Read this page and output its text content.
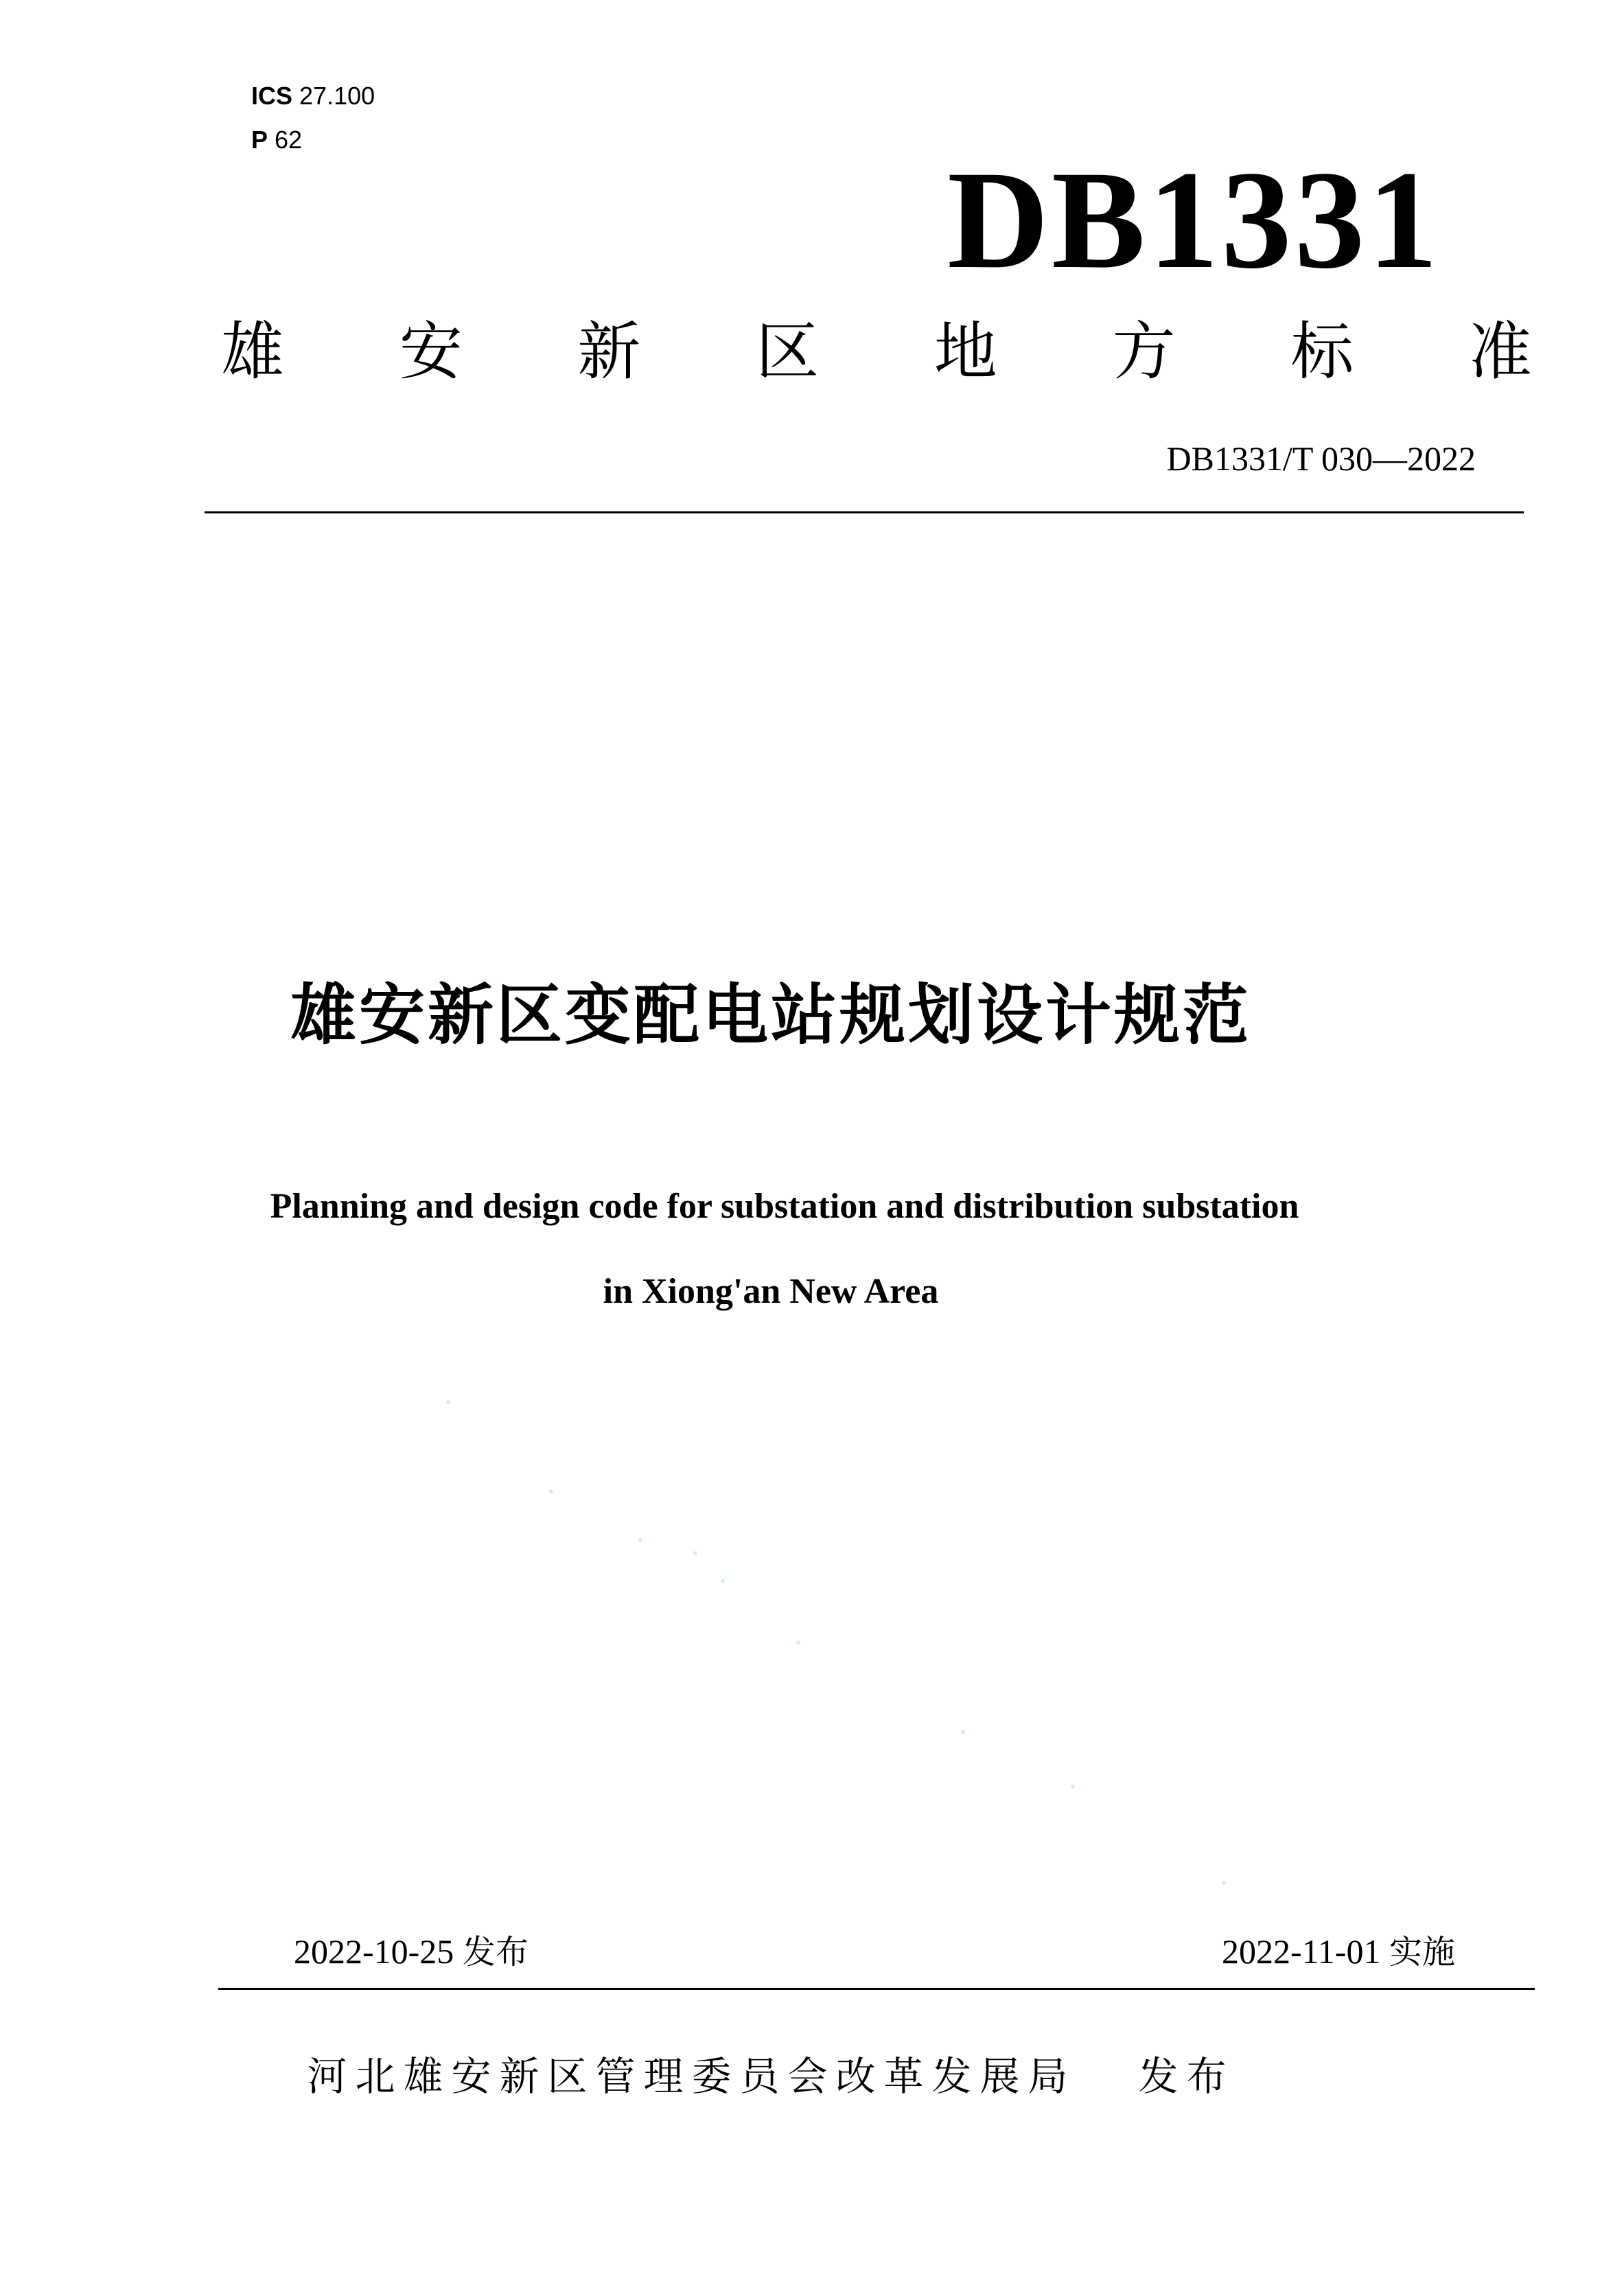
ICS 27.100
P 62
DB1331
雄 安 新 区 地 方 标 准
DB1331/T 030—2022
雄安新区变配电站规划设计规范
Planning and design code for substation and distribution substation
in Xiong'an New Area
2022-10-25 发布	2022-11-01 实施
河北雄安新区管理委员会改革发展局 发布
